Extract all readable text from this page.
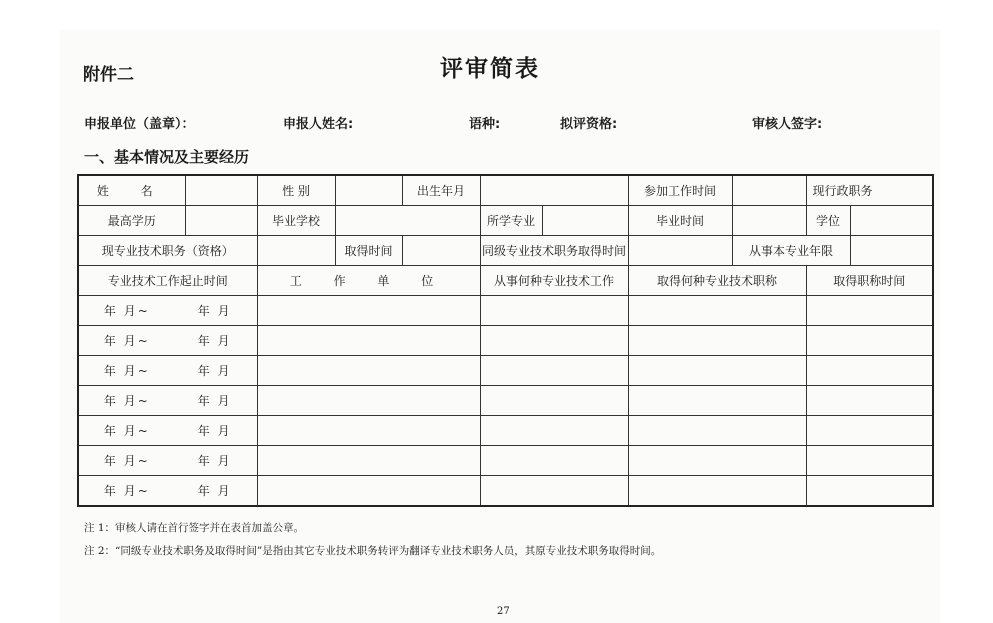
附件二	评审简表
申报单位（盖章）：	申报人姓名:	语种:	拟评资格:	审核人签字:
一、基本情况及主要经历
姓 名		性 别		出生年月			参加工作时间		现行政职务	
最高学历		毕业学校			所学专业		毕业时间		学位	
现专业技术职务（资格）			取得时间		同级专业技术职务取得时间			从事本专业年限		
专业技术工作起止时间		工 作 单 位			从事何种专业技术工作		取得何种专业技术职称		取得职称时间	
年 月~ 年 月										
年 月~ 年 月										
年 月~ 年 月										
年 月~ 年 月										
年 月~ 年 月										
年 月~ 年 月										
年 月~ 年 月										
注 1：审核人请在首行签字并在表首加盖公章。
注 2：“同级专业技术职务及取得时间”是指由其它专业技术职务转评为翻译专业技术职务人员，其原专业技术职务取得时间。
27
